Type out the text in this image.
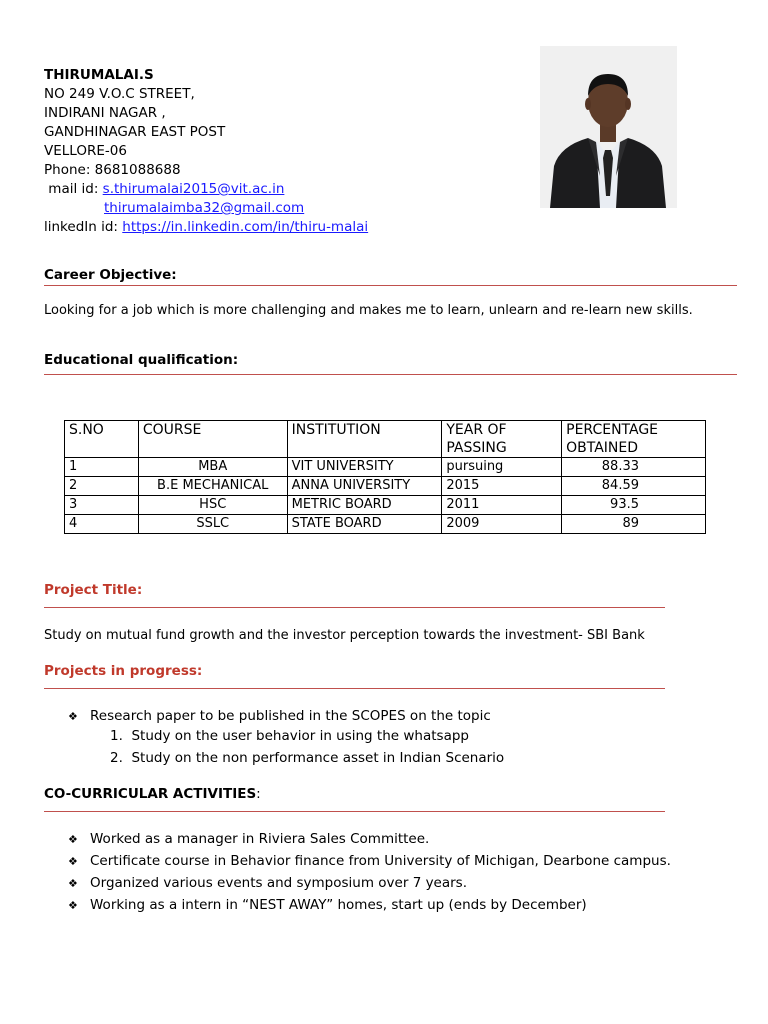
THIRUMALAI.S
NO 249 V.O.C STREET,
INDIRANI NAGAR ,
GANDHINAGAR EAST POST
VELLORE-06
Phone: 8681088688
mail id: s.thirumalai2015@vit.ac.in
thirumalaimba32@gmail.com
linkedIn id: https://in.linkedin.com/in/thiru-malai
Career Objective:
Looking for a job which is more challenging and makes me to learn, unlearn and re-learn new skills.
Educational qualification:
S.NO	COURSE	INSTITUTION	YEAR OF PASSING	PERCENTAGE OBTAINED
1	MBA	VIT UNIVERSITY	pursuing	88.33
2	B.E MECHANICAL	ANNA UNIVERSITY	2015	84.59
3	HSC	METRIC BOARD	2011	93.5
4	SSLC	STATE BOARD	2009	89
Project Title:
Study on mutual fund growth and the investor perception towards the investment- SBI Bank
Projects in progress:
❖ Research paper to be published in the SCOPES on the topic
1.  Study on the user behavior in using the whatsapp
2.  Study on the non performance asset in Indian Scenario
CO-CURRICULAR ACTIVITIES:
❖ Worked as a manager in Riviera Sales Committee.
❖ Certificate course in Behavior finance from University of Michigan, Dearbone campus.
❖ Organized various events and symposium over 7 years.
❖ Working as a intern in “NEST AWAY” homes, start up (ends by December)
